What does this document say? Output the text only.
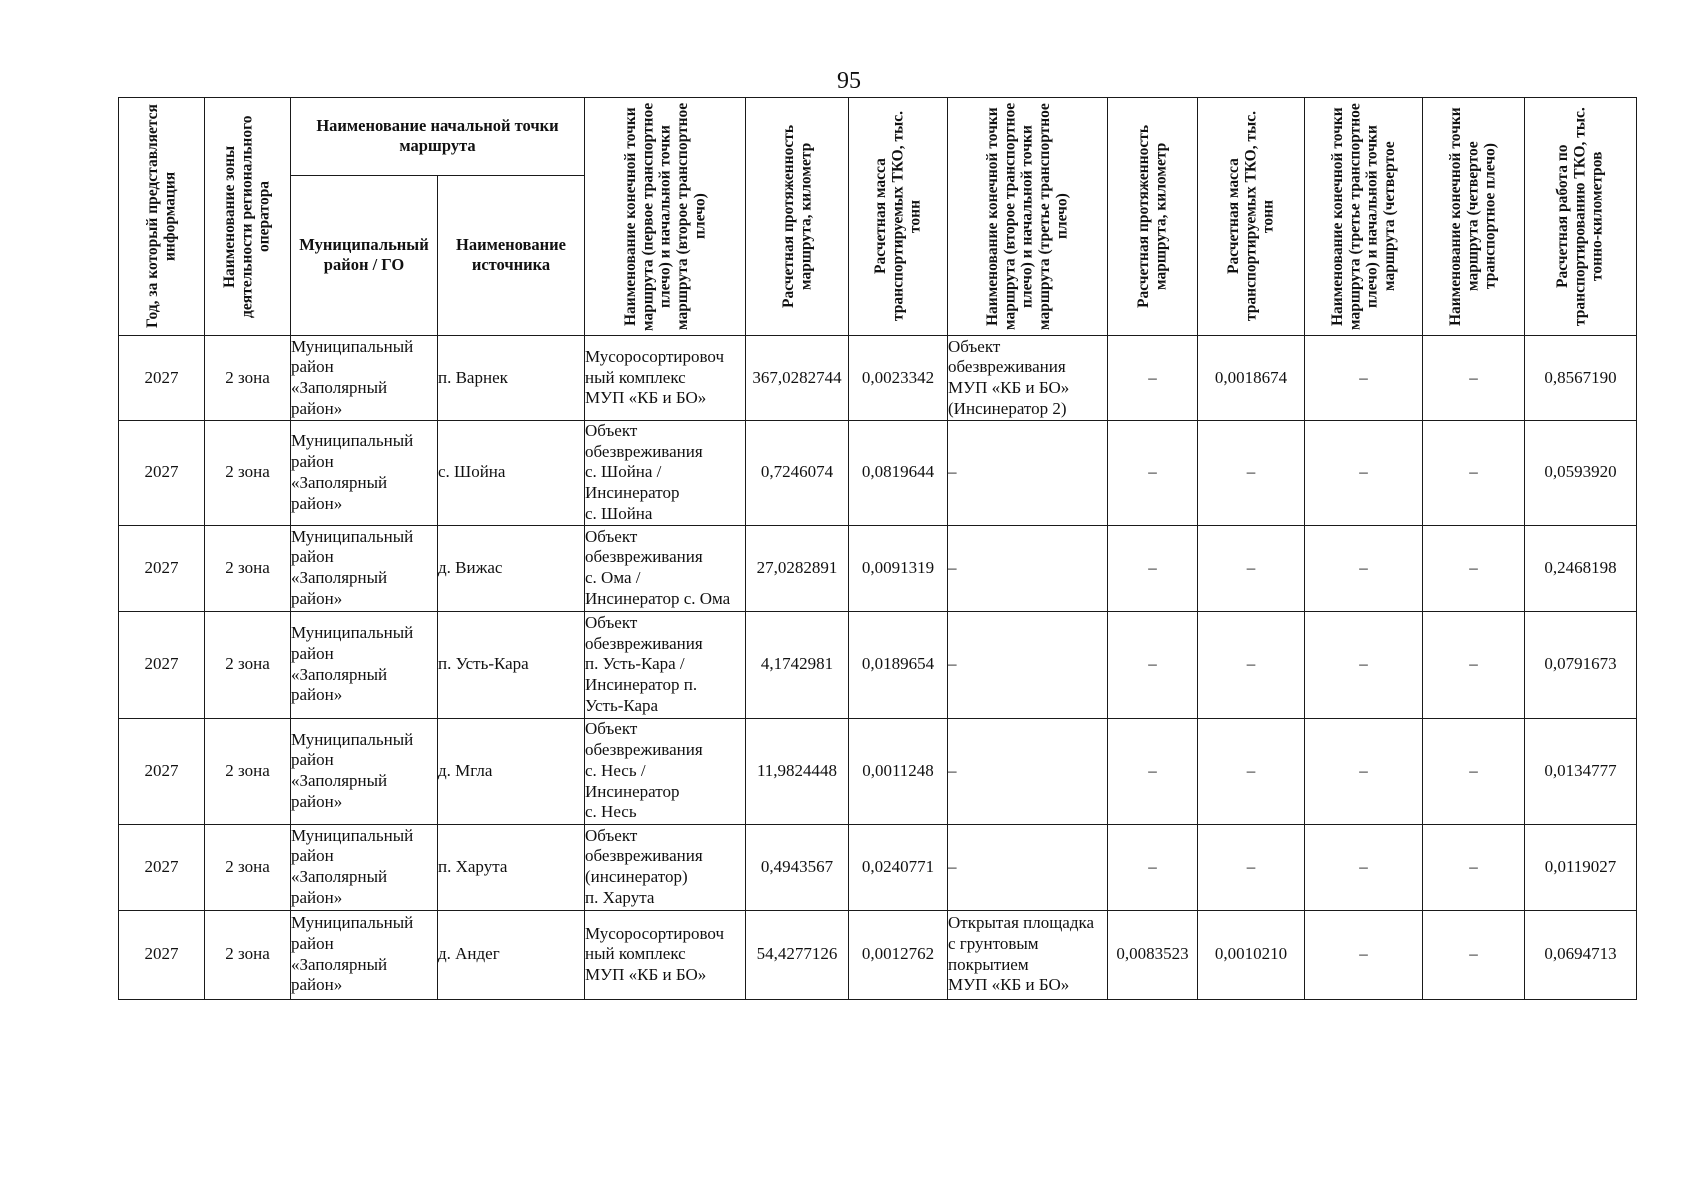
95
Год, за который представляется информация	Наименование зоны деятельности регионального оператора	Наименование начальной точки маршрута		Наименование конечной точки маршрута (первое транспортное плечо) и начальной точки маршрута (второе транспортное плечо)	Расчетная протяженность маршрута, километр	Расчетная масса транспортируемых ТКО, тыс. тонн	Наименование конечной точки маршрута (второе транспортное плечо) и начальной точки маршрута (третье транспортное плечо)	Расчетная протяженность маршрута, километр	Расчетная масса транспортируемых ТКО, тыс. тонн	Наименование конечной точки маршрута (третье транспортное плечо) и начальной точки маршрута (четвертое	Наименование конечной точки маршрута (четвертое транспортное плечо)	Расчетная работа по транспортированию ТКО, тыс. тонно-километров

		Муниципальный район / ГО	Наименование источника									

2027	2 зона	Муниципальный
район
«Заполярный
район»	п. Варнек	Мусоросортировоч
ный комплекс
МУП «КБ и БО»	367,0282744	0,0023342	Объект
обезвреживания
МУП «КБ и БО»
(Инсинератор 2)	–	0,0018674	–	–	0,8567190

2027	2 зона	Муниципальный
район
«Заполярный
район»	с. Шойна	Объект
обезвреживания
с. Шойна /
Инсинератор
с. Шойна	0,7246074	0,0819644	–	–	–	–	–	0,0593920

2027	2 зона	Муниципальный
район
«Заполярный
район»	д. Вижас	Объект
обезвреживания
с. Ома /
Инсинератор с. Ома	27,0282891	0,0091319	–	–	–	–	–	0,2468198

2027	2 зона	Муниципальный
район
«Заполярный
район»	п. Усть-Кара	Объект
обезвреживания
п. Усть-Кара /
Инсинератор п.
Усть-Кара	4,1742981	0,0189654	–	–	–	–	–	0,0791673

2027	2 зона	Муниципальный
район
«Заполярный
район»	д. Мгла	Объект
обезвреживания
с. Несь /
Инсинератор
с. Несь	11,9824448	0,0011248	–	–	–	–	–	0,0134777

2027	2 зона	Муниципальный
район
«Заполярный
район»	п. Харута	Объект
обезвреживания
(инсинератор)
п. Харута	0,4943567	0,0240771	–	–	–	–	–	0,0119027

2027	2 зона	Муниципальный
район
«Заполярный
район»	д. Андег	Мусоросортировоч
ный комплекс
МУП «КБ и БО»	54,4277126	0,0012762	Открытая площадка
с грунтовым
покрытием
МУП «КБ и БО»	0,0083523	0,0010210	–	–	0,0694713
